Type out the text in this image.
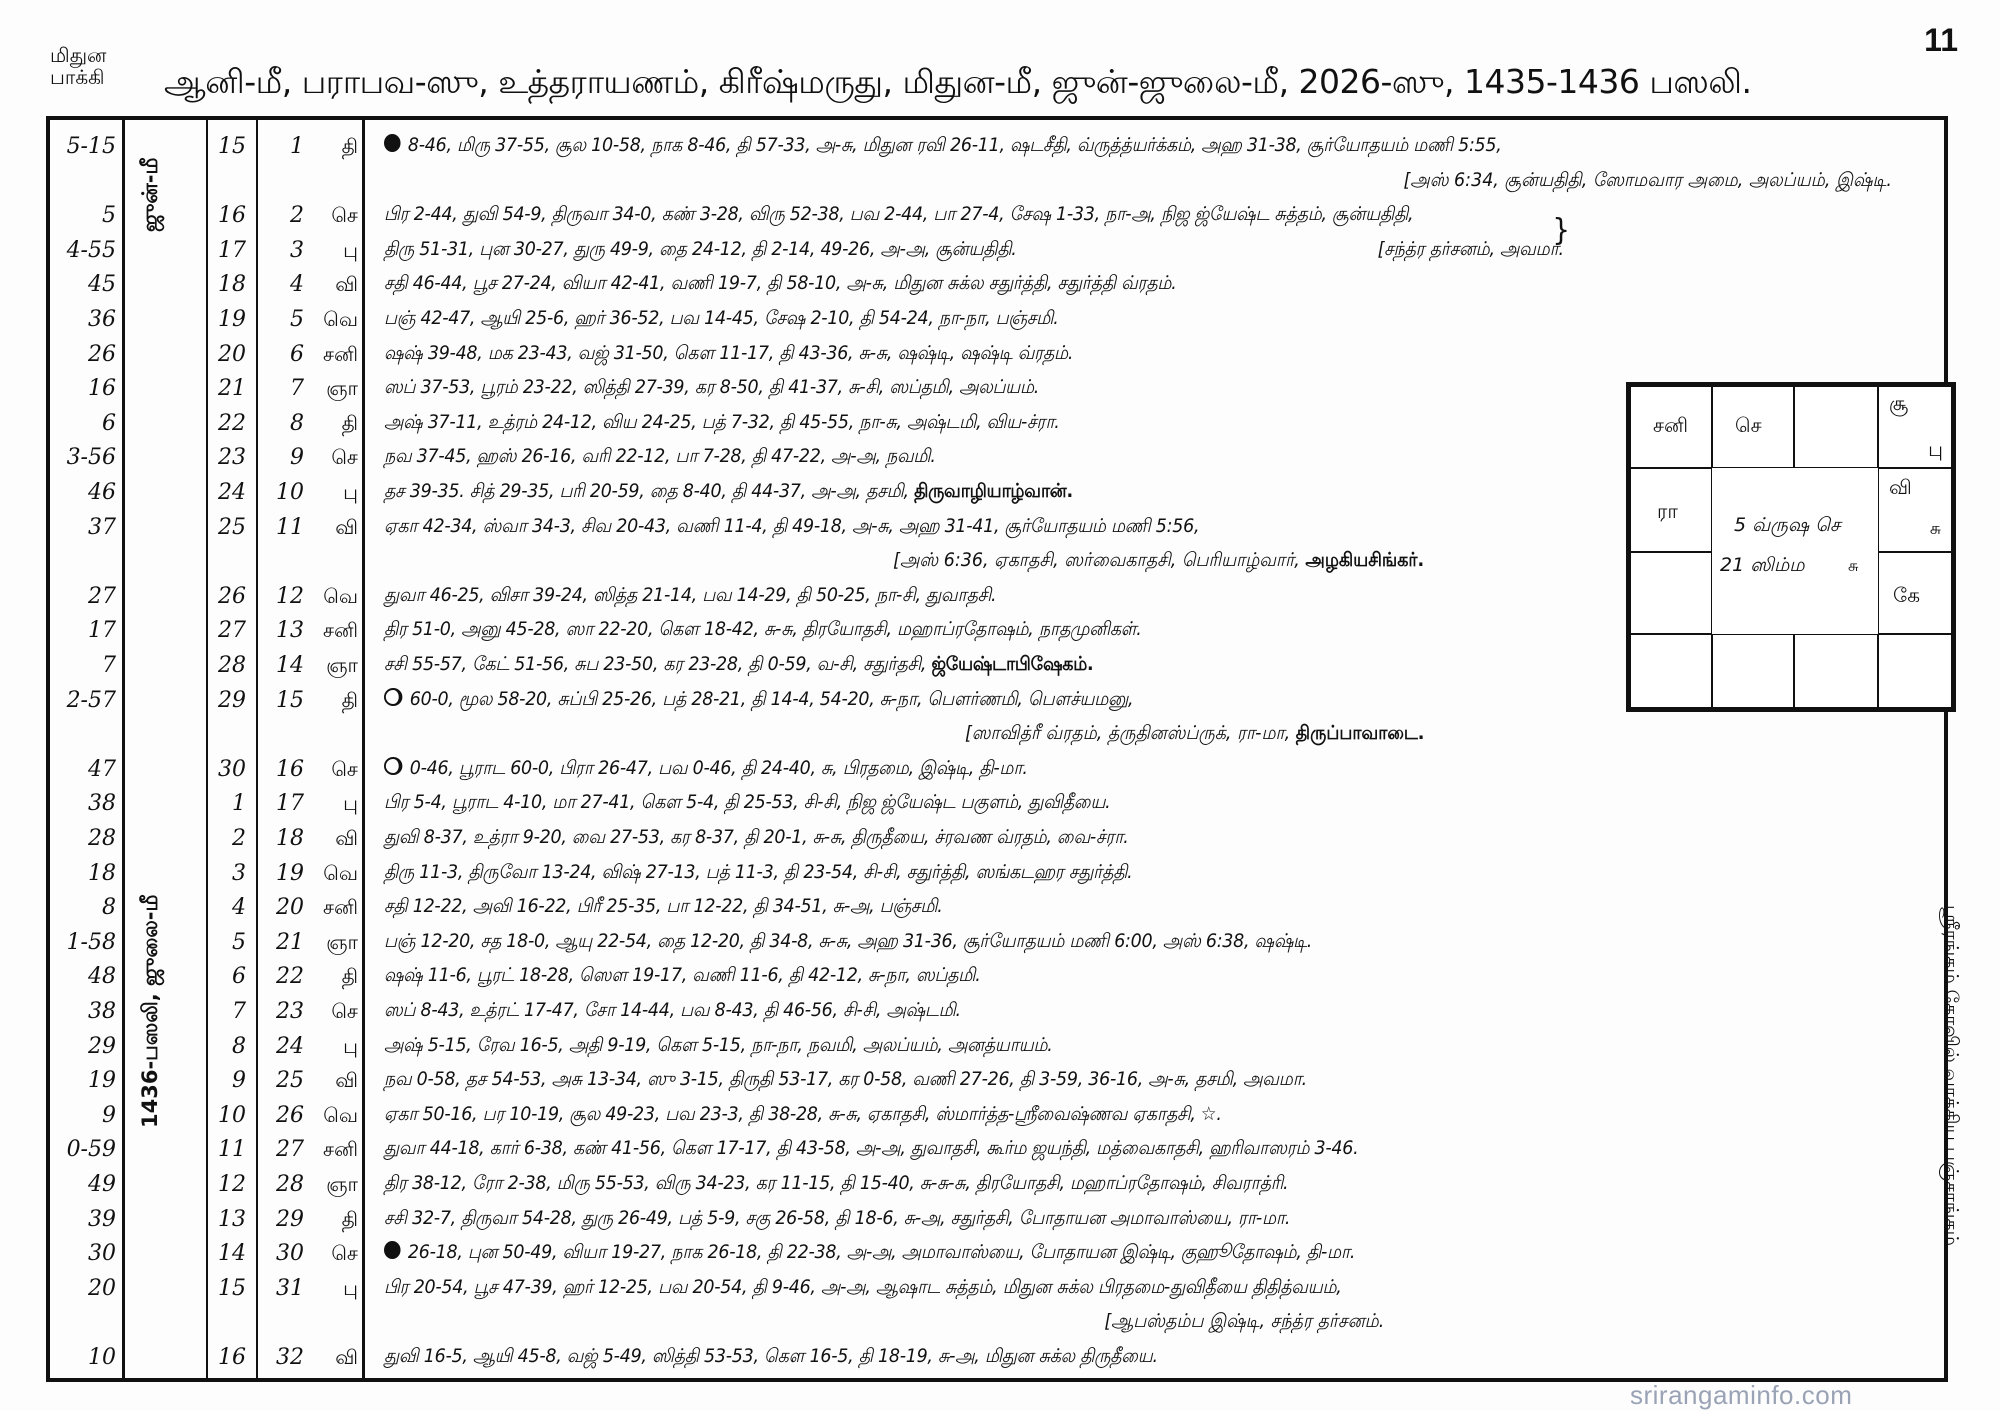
மிதுன
பாக்கி ஆனி-மீ, பராபவ-ஸு, உத்தராயணம், கிரீஷ்மருது, மிதுன-மீ, ஜுன்-ஜுலை-மீ, 2026-ஸு, 1435-1436 பஸலி.
11
ஜுன்-மீ
1436-பஸலி, ஜுலை-மீ
5-15	15	1	தி	8-46, மிரு 37-55, சூல 10-58, நாக 8-46, தி 57-33, அ-சு, மிதுன ரவி 26-11, ஷடசீதி, வ்ருத்த்யர்க்கம், அஹ 31-38, சூர்யோதயம் மணி 5:55,
[அஸ் 6:34, சூன்யதிதி, ஸோமவார அமை, அலப்யம், இஷ்டி.
5	16	2	செ பிர 2-44, துவி 54-9, திருவா 34-0, கண் 3-28, விரு 52-38, பவ 2-44, பா 27-4, சேஷ 1-33, நா-அ, நிஜ ஜ்யேஷ்ட சுத்தம், சூன்யதிதி,
4-55	17	3	பு திரு 51-31, புன 30-27, துரு 49-9, தை 24-12, தி 2-14, 49-26, அ-அ, சூன்யதிதி.	[சந்த்ர தர்சனம், அவமா.
}
45	18	4	வி சதி 46-44, பூச 27-24, வியா 42-41, வணி 19-7, தி 58-10, அ-சு, மிதுன சுக்ல சதுர்த்தி, சதுர்த்தி வ்ரதம்.
36	19	5 வெ பஞ் 42-47, ஆயி 25-6, ஹர் 36-52, பவ 14-45, சேஷ 2-10, தி 54-24, நா-நா, பஞ்சமி.
26	20	6 சனி ஷஷ் 39-48, மக 23-43, வஜ் 31-50, கௌ 11-17, தி 43-36, சு-சு, ஷஷ்டி, ஷஷ்டி வ்ரதம்.
16	21	7	ஞா ஸப் 37-53, பூரம் 23-22, ஸித்தி 27-39, கர 8-50, தி 41-37, சு-சி, ஸப்தமி, அலப்யம்.
6	22	8	தி அஷ் 37-11, உத்ரம் 24-12, விய 24-25, பத் 7-32, தி 45-55, நா-சு, அஷ்டமி, விய-ச்ரா.
3-56	23	9	செ நவ 37-45, ஹஸ் 26-16, வரி 22-12, பா 7-28, தி 47-22, அ-அ, நவமி.
46	24	10	பு தச 39-35. சித் 29-35, பரி 20-59, தை 8-40, தி 44-37, அ-அ, தசமி, திருவாழியாழ்வான்.
37	25	11	வி ஏகா 42-34, ஸ்வா 34-3, சிவ 20-43, வணி 11-4, தி 49-18, அ-சு, அஹ 31-41, சூர்யோதயம் மணி 5:56,
[அஸ் 6:36, ஏகாதசி, ஸர்வைகாதசி, பெரியாழ்வார், அழகியசிங்கர்.
27	26	12 வெ துவா 46-25, விசா 39-24, ஸித்த 21-14, பவ 14-29, தி 50-25, நா-சி, துவாதசி.
17	27	13 சனி திர 51-0, அனு 45-28, ஸா 22-20, கௌ 18-42, சு-சு, திரயோதசி, மஹாப்ரதோஷம், நாதமுனிகள்.
7	28	14	ஞா சசி 55-57, கேட் 51-56, சுப 23-50, கர 23-28, தி 0-59, வ-சி, சதுர்தசி, ஜ்யேஷ்டாபிஷேகம்.
2-57	29	15	தி	60-0, மூல 58-20, சுப்பி 25-26, பத் 28-21, தி 14-4, 54-20, சு-நா, பௌர்ணமி, பௌச்யமனு,
[ஸாவித்ரீ வ்ரதம், த்ருதினஸ்ப்ருக், ரா-மா, திருப்பாவாடை.
47	30	16	செ	0-46, பூராட 60-0, பிரா 26-47, பவ 0-46, தி 24-40, சு, பிரதமை, இஷ்டி, தி-மா.
38	1	17	பு பிர 5-4, பூராட 4-10, மா 27-41, கௌ 5-4, தி 25-53, சி-சி, நிஜ ஜ்யேஷ்ட பகுளம், துவிதீயை.
28	2	18	வி துவி 8-37, உத்ரா 9-20, வை 27-53, கர 8-37, தி 20-1, சு-சு, திருதீயை, ச்ரவண வ்ரதம், வை-ச்ரா.
18	3	19 வெ திரு 11-3, திருவோ 13-24, விஷ் 27-13, பத் 11-3, தி 23-54, சி-சி, சதுர்த்தி, ஸங்கடஹர சதுர்த்தி.
8	4	20 சனி சதி 12-22, அவி 16-22, பிரீ 25-35, பா 12-22, தி 34-51, சு-அ, பஞ்சமி.
1-58	5	21	ஞா பஞ் 12-20, சத 18-0, ஆயு 22-54, தை 12-20, தி 34-8, சு-சு, அஹ 31-36, சூர்யோதயம் மணி 6:00, அஸ் 6:38, ஷஷ்டி.
48	6	22	தி ஷஷ் 11-6, பூரட் 18-28, ஸௌ 19-17, வணி 11-6, தி 42-12, சு-நா, ஸப்தமி.
38	7	23	செ ஸப் 8-43, உத்ரட் 17-47, சோ 14-44, பவ 8-43, தி 46-56, சி-சி, அஷ்டமி.
29	8	24	பு அஷ் 5-15, ரேவ 16-5, அதி 9-19, கௌ 5-15, நா-நா, நவமி, அலப்யம், அனத்யாயம்.
19	9	25	வி நவ 0-58, தச 54-53, அசு 13-34, ஸு 3-15, திருதி 53-17, கர 0-58, வணி 27-26, தி 3-59, 36-16, அ-சு, தசமி, அவமா.
9	10	26 வெ ஏகா 50-16, பர 10-19, சூல 49-23, பவ 23-3, தி 38-28, சு-சு, ஏகாதசி, ஸ்மார்த்த-ஸ்ரீவைஷ்ணவ ஏகாதசி, ☆.
0-59	11	27 சனி துவா 44-18, கார் 6-38, கண் 41-56, கௌ 17-17, தி 43-58, அ-அ, துவாதசி, கூர்ம ஜயந்தி, மத்வைகாதசி, ஹரிவாஸரம் 3-46.
49	12	28	ஞா திர 38-12, ரோ 2-38, மிரு 55-53, விரு 34-23, கர 11-15, தி 15-40, சு-சு-சு, திரயோதசி, மஹாப்ரதோஷம், சிவராத்ரி.
39	13	29	தி சசி 32-7, திருவா 54-28, துரு 26-49, பத் 5-9, சகு 26-58, தி 18-6, சு-அ, சதுர்தசி, போதாயன அமாவாஸ்யை, ரா-மா.
30	14	30	செ	26-18, புன 50-49, வியா 19-27, நாக 26-18, தி 22-38, அ-அ, அமாவாஸ்யை, போதாயன இஷ்டி, குஹூதோஷம், தி-மா.
20	15	31	பு பிர 20-54, பூச 47-39, ஹர் 12-25, பவ 20-54, தி 9-46, அ-அ, ஆஷாட சுத்தம், மிதுன சுக்ல பிரதமை-துவிதீயை திதித்வயம்,
[ஆபஸ்தம்ப இஷ்டி, சந்த்ர தர்சனம்.
10	16	32	வி துவி 16-5, ஆயி 45-8, வஜ் 5-49, ஸித்தி 53-53, கௌ 16-5, தி 18-19, சு-அ, மிதுன சுக்ல திருதீயை.
சனி செ
சூ
பு
ரா
வி
சு
கே
5 வ்ருஷ செ
21 ஸிம்ம	சு
ஸ்ரீரங்கம் கோவில் வாக்கிய பஞ்சாங்கம்
srirangaminfo.com
